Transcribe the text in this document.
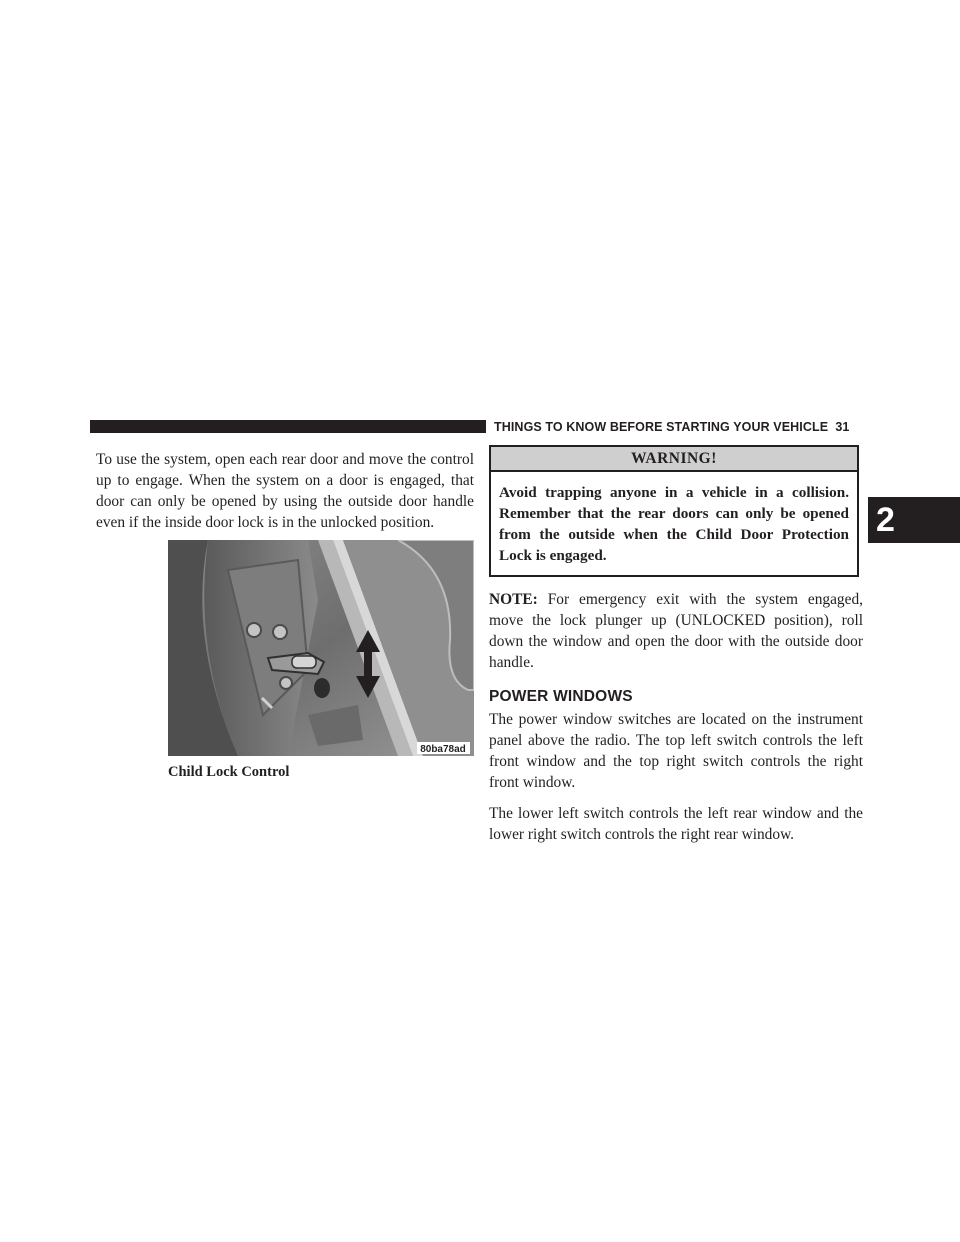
THINGS TO KNOW BEFORE STARTING YOUR VEHICLE 31
2

To use the system, open each rear door and move the control up to engage. When the system on a door is engaged, that door can only be opened by using the outside door handle even if the inside door lock is in the unlocked position.

80ba78ad
Child Lock Control
WARNING!
Avoid trapping anyone in a vehicle in a collision. Remember that the rear doors can only be opened from the outside when the Child Door Protection Lock is engaged.

NOTE: For emergency exit with the system engaged, move the lock plunger up (UNLOCKED position), roll down the window and open the door with the outside door handle.

POWER WINDOWS

The power window switches are located on the instrument panel above the radio. The top left switch controls the left front window and the top right switch controls the right front window.

The lower left switch controls the left rear window and the lower right switch controls the right rear window.
